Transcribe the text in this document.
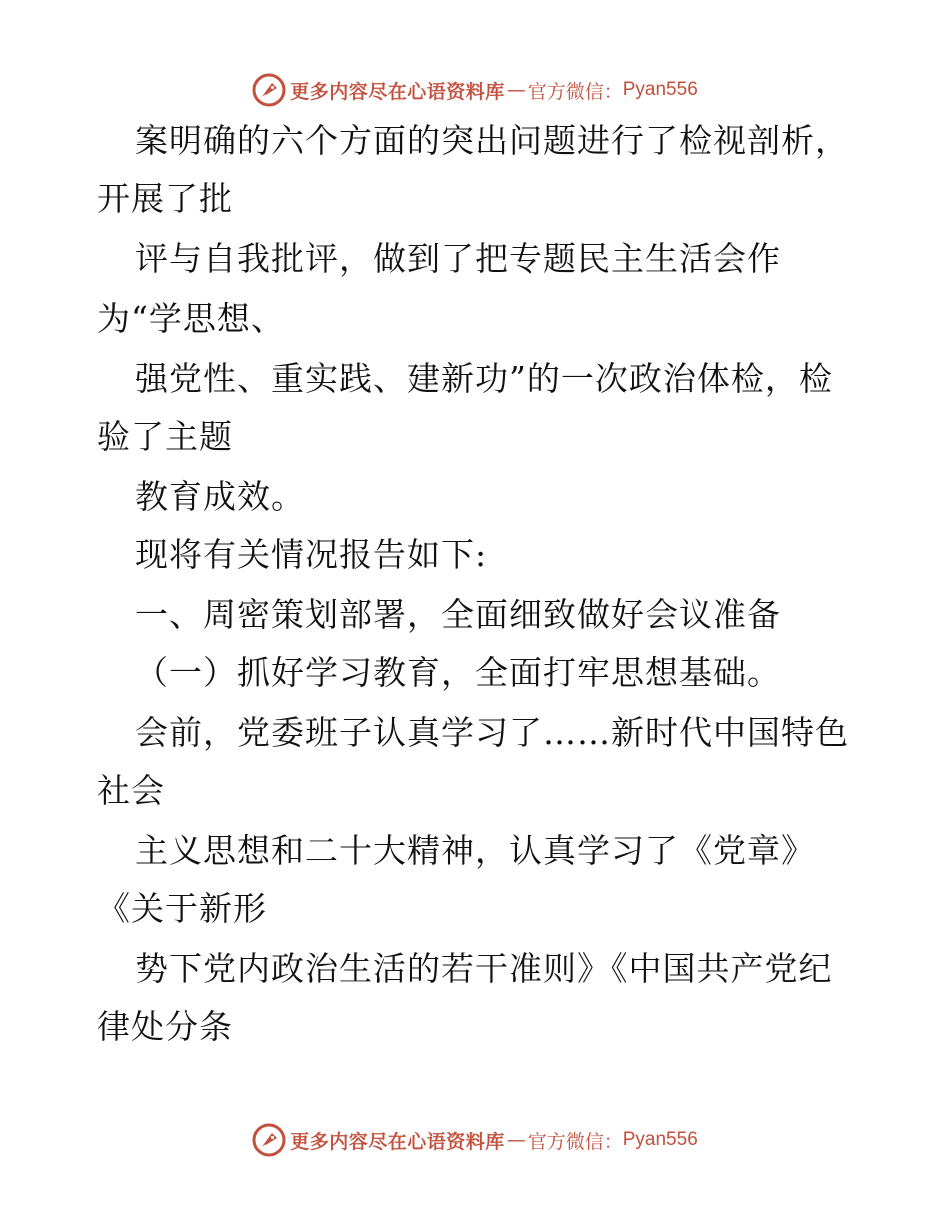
更多内容尽在心语资料库 — 官方微信： Pyan556
案明确的六个方面的突出问题进行了检视剖析，
开展了批
评与自我批评，做到了把专题民主生活会作
为“学思想、
强党性、重实践、建新功”的一次政治体检，检
验了主题
教育成效。
现将有关情况报告如下:
一、周密策划部署，全面细致做好会议准备
（一）抓好学习教育，全面打牢思想基础。
会前，党委班子认真学习了……新时代中国特色
社会
主义思想和二十大精神，认真学习了《党章》
《关于新形
势下党内政治生活的若干准则》《中国共产党纪
律处分条
更多内容尽在心语资料库 — 官方微信： Pyan556
